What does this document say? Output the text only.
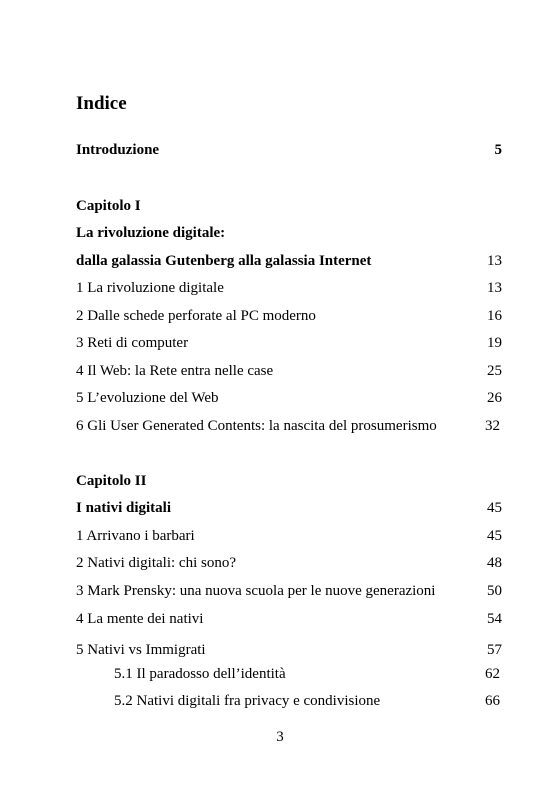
Indice
Introduzione	5
Capitolo I
La rivoluzione digitale:
dalla galassia Gutenberg alla galassia Internet	13
1 La rivoluzione digitale	13
2 Dalle schede perforate al PC moderno	16
3 Reti di computer	19
4 Il Web: la Rete entra nelle case	25
5 L’evoluzione del Web	26
6 Gli User Generated Contents: la nascita del prosumerismo	32
Capitolo II
I nativi digitali	45
1 Arrivano i barbari	45
2 Nativi digitali: chi sono?	48
3 Mark Prensky: una nuova scuola per le nuove generazioni	50
4 La mente dei nativi	54
5 Nativi vs Immigrati	57
5.1 Il paradosso dell’identità	62
5.2 Nativi digitali fra privacy e condivisione	66
3
